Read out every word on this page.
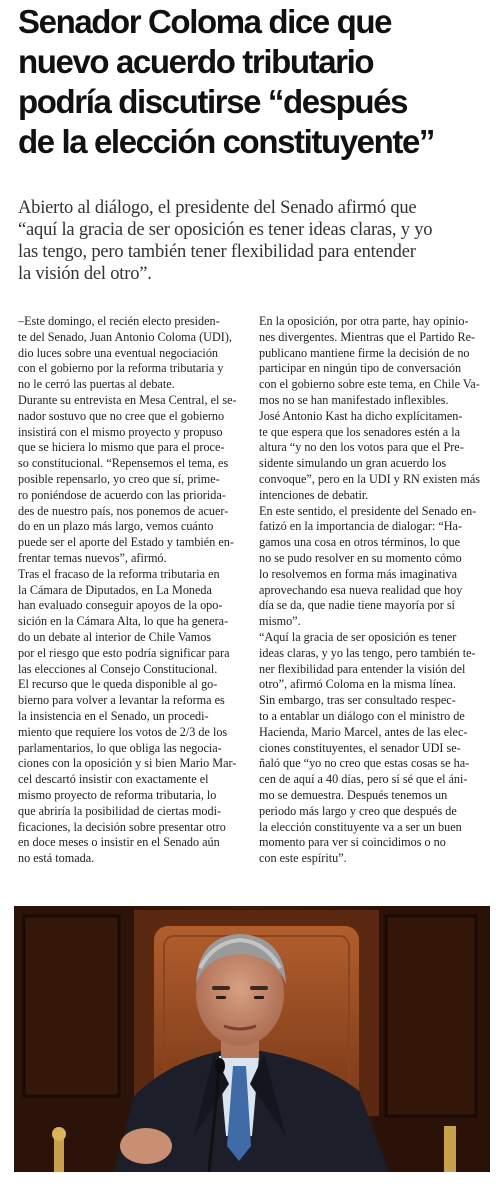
Senador Coloma dice que
nuevo acuerdo tributario
podría discutirse “después
de la elección constituyente”
Abierto al diálogo, el presidente del Senado afirmó que
“aquí la gracia de ser oposición es tener ideas claras, y yo
las tengo, pero también tener flexibilidad para entender
la visión del otro”.
–Este domingo, el recién electo presiden-
te del Senado, Juan Antonio Coloma (UDI),
dio luces sobre una eventual negociación
con el gobierno por la reforma tributaria y
no le cerró las puertas al debate.
Durante su entrevista en Mesa Central, el se-
nador sostuvo que no cree que el gobierno
insistirá con el mismo proyecto y propuso
que se hiciera lo mismo que para el proce-
so constitucional. “Repensemos el tema, es
posible repensarlo, yo creo que sí, prime-
ro poniéndose de acuerdo con las priorida-
des de nuestro país, nos ponemos de acuer-
do en un plazo más largo, vemos cuánto
puede ser el aporte del Estado y también en-
frentar temas nuevos”, afirmó.
Tras el fracaso de la reforma tributaria en
la Cámara de Diputados, en La Moneda
han evaluado conseguir apoyos de la opo-
sición en la Cámara Alta, lo que ha genera-
do un debate al interior de Chile Vamos
por el riesgo que esto podría significar para
las elecciones al Consejo Constitucional.
El recurso que le queda disponible al go-
bierno para volver a levantar la reforma es
la insistencia en el Senado, un procedi-
miento que requiere los votos de 2/3 de los
parlamentarios, lo que obliga las negocia-
ciones con la oposición y si bien Mario Mar-
cel descartó insistir con exactamente el
mismo proyecto de reforma tributaria, lo
que abriría la posibilidad de ciertas modi-
ficaciones, la decisión sobre presentar otro
en doce meses o insistir en el Senado aún
no está tomada.
En la oposición, por otra parte, hay opinio-
nes divergentes. Mientras que el Partido Re-
publicano mantiene firme la decisión de no
participar en ningún tipo de conversación
con el gobierno sobre este tema, en Chile Va-
mos no se han manifestado inflexibles.
José Antonio Kast ha dicho explícitamen-
te que espera que los senadores estén a la
altura “y no den los votos para que el Pre-
sidente simulando un gran acuerdo los
convoque”, pero en la UDI y RN existen más
intenciones de debatir.
En este sentido, el presidente del Senado en-
fatizó en la importancia de dialogar: “Ha-
gamos una cosa en otros términos, lo que
no se pudo resolver en su momento cómo
lo resolvemos en forma más imaginativa
aprovechando esa nueva realidad que hoy
día se da, que nadie tiene mayoría por sí
mismo”.
“Aquí la gracia de ser oposición es tener
ideas claras, y yo las tengo, pero también te-
ner flexibilidad para entender la visión del
otro”, afirmó Coloma en la misma línea.
Sin embargo, tras ser consultado respec-
to a entablar un diálogo con el ministro de
Hacienda, Mario Marcel, antes de las elec-
ciones constituyentes, el senador UDI se-
ñaló que “yo no creo que estas cosas se ha-
cen de aquí a 40 días, pero sí sé que el áni-
mo se demuestra. Después tenemos un
periodo más largo y creo que después de
la elección constituyente va a ser un buen
momento para ver si coincidimos o no
con este espíritu”.
